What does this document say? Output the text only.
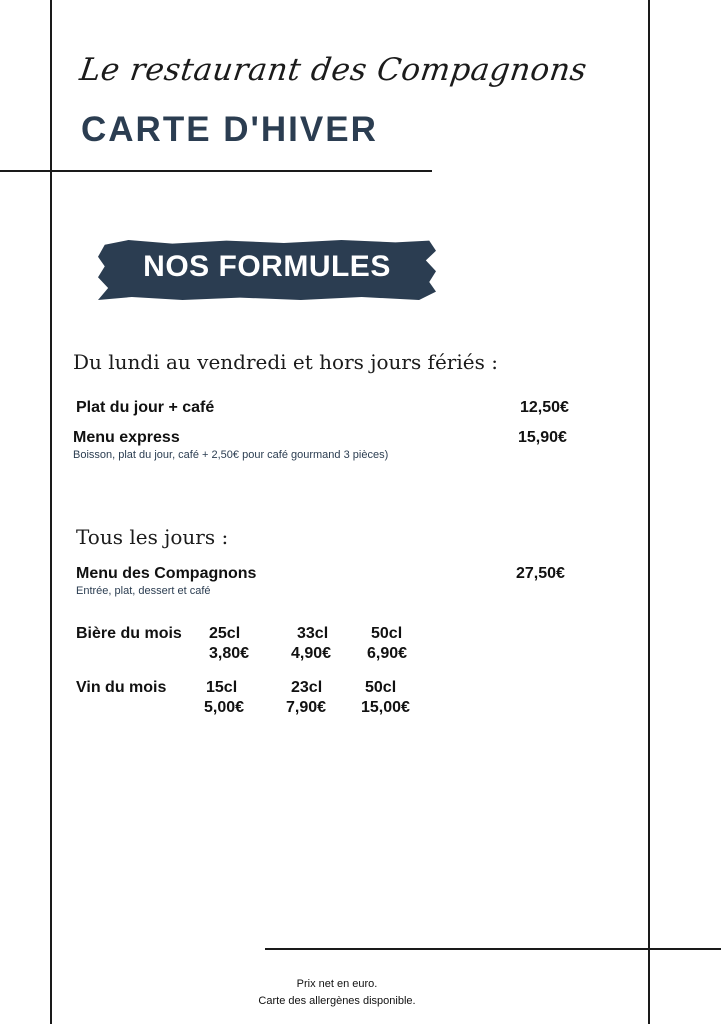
Le restaurant des Compagnons
CARTE D'HIVER
NOS FORMULES
Du lundi au vendredi et hors jours fériés :
Plat du jour + café	12,50€
Menu express	15,90€
Boisson, plat du jour, café + 2,50€ pour café gourmand 3 pièces)
Tous les jours :
Menu des Compagnons	27,50€
Entrée, plat, dessert et café
Bière du mois 25cl	33cl	50cl
3,80€	4,90€ 6,90€
Vin du mois 15cl	23cl	50cl
5,00€	7,90€ 15,00€
Prix net en euro.
Carte des allergènes disponible.
